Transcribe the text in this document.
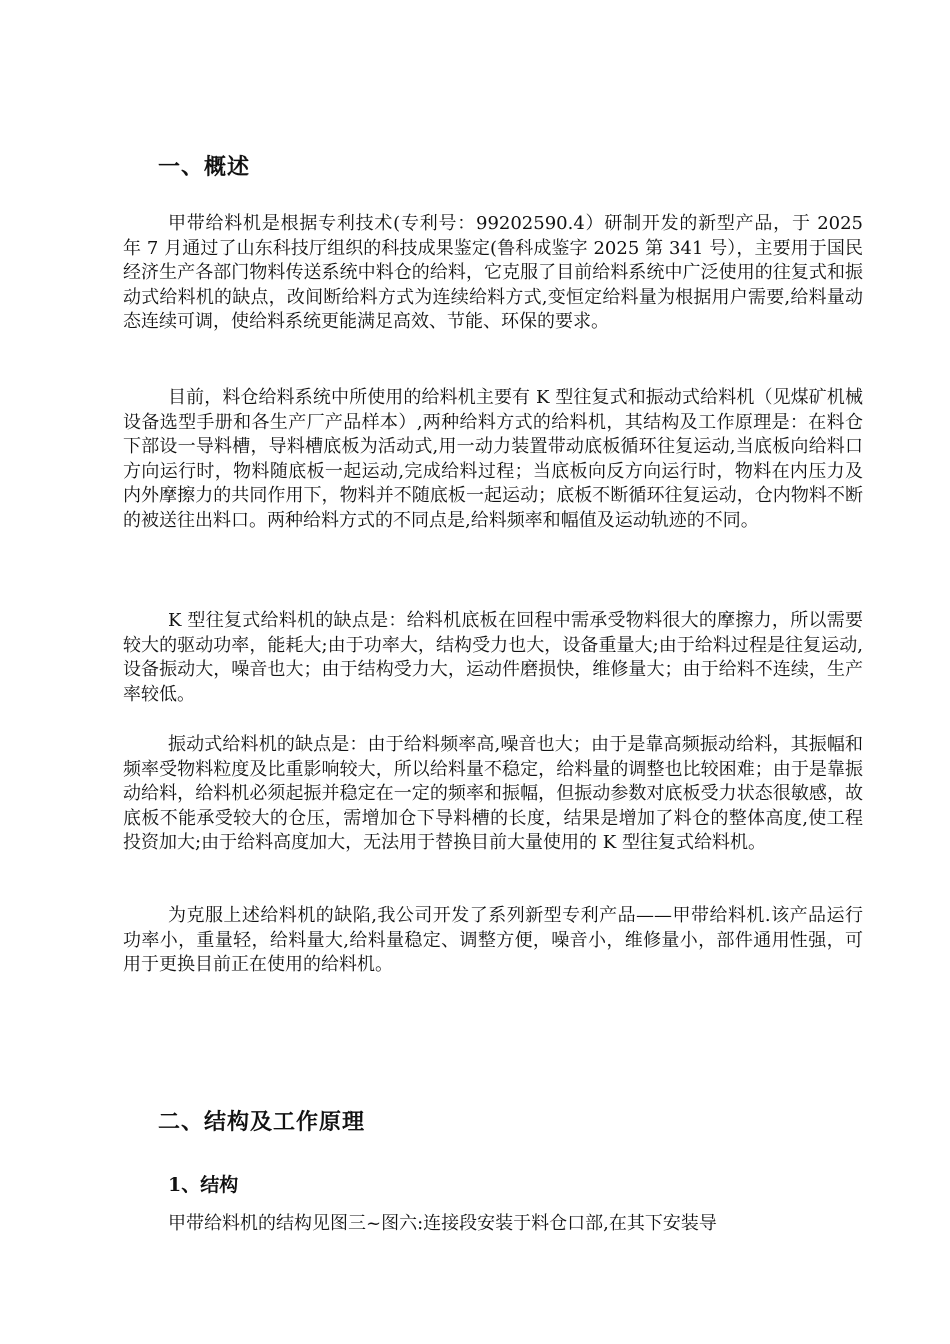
一、概述

甲带给料机是根据专利技术(专利号：99202590.4）研制开发的新型产品，于 2025 年 7 月通过了山东科技厅组织的科技成果鉴定(鲁科成鉴字 2025 第 341 号），主要用于国民经济生产各部门物料传送系统中料仓的给料，它克服了目前给料系统中广泛使用的往复式和振动式给料机的缺点，改间断给料方式为连续给料方式,变恒定给料量为根据用户需要,给料量动态连续可调，使给料系统更能满足高效、节能、环保的要求。

目前，料仓给料系统中所使用的给料机主要有 K 型往复式和振动式给料机（见煤矿机械设备选型手册和各生产厂产品样本）,两种给料方式的给料机，其结构及工作原理是：在料仓下部设一导料槽，导料槽底板为活动式,用一动力装置带动底板循环往复运动,当底板向给料口方向运行时，物料随底板一起运动,完成给料过程；当底板向反方向运行时，物料在内压力及内外摩擦力的共同作用下，物料并不随底板一起运动；底板不断循环往复运动，仓内物料不断的被送往出料口。两种给料方式的不同点是,给料频率和幅值及运动轨迹的不同。

K 型往复式给料机的缺点是：给料机底板在回程中需承受物料很大的摩擦力，所以需要较大的驱动功率，能耗大;由于功率大，结构受力也大，设备重量大;由于给料过程是往复运动,设备振动大，噪音也大；由于结构受力大，运动件磨损快，维修量大；由于给料不连续，生产率较低。

振动式给料机的缺点是：由于给料频率高,噪音也大；由于是靠高频振动给料，其振幅和频率受物料粒度及比重影响较大，所以给料量不稳定，给料量的调整也比较困难；由于是靠振动给料，给料机必须起振并稳定在一定的频率和振幅，但振动参数对底板受力状态很敏感，故底板不能承受较大的仓压，需增加仓下导料槽的长度，结果是增加了料仓的整体高度,使工程投资加大;由于给料高度加大，无法用于替换目前大量使用的 K 型往复式给料机。

为克服上述给料机的缺陷,我公司开发了系列新型专利产品——甲带给料机.该产品运行功率小，重量轻，给料量大,给料量稳定、调整方便，噪音小，维修量小，部件通用性强，可用于更换目前正在使用的给料机。

二、结构及工作原理
1、结构

甲带给料机的结构见图三~图六:连接段安装于料仓口部,在其下安装导
